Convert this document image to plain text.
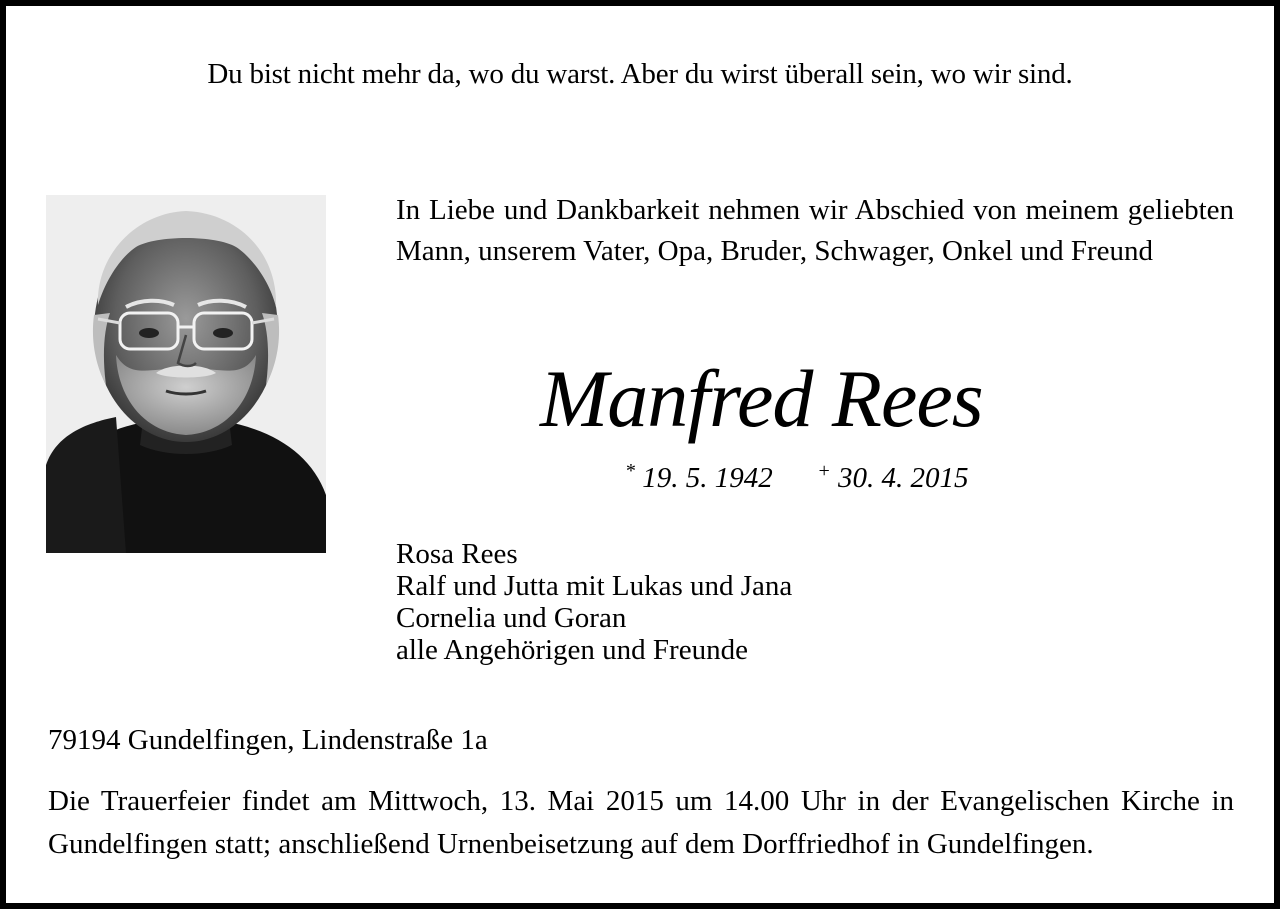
Du bist nicht mehr da, wo du warst. Aber du wirst überall sein, wo wir sind.
In Liebe und Dankbarkeit nehmen wir Abschied von meinem geliebten Mann, unserem Vater, Opa, Bruder, Schwager, Onkel und Freund
Manfred Rees
* 19. 5. 1942 + 30. 4. 2015
Rosa Rees
Ralf und Jutta mit Lukas und Jana
Cornelia und Goran
alle Angehörigen und Freunde
79194 Gundelfingen, Lindenstraße 1a
Die Trauerfeier findet am Mittwoch, 13. Mai 2015 um 14.00 Uhr in der Evangelischen Kirche in Gundelfingen statt; anschließend Urnenbeisetzung auf dem Dorffriedhof in Gundelfingen.
